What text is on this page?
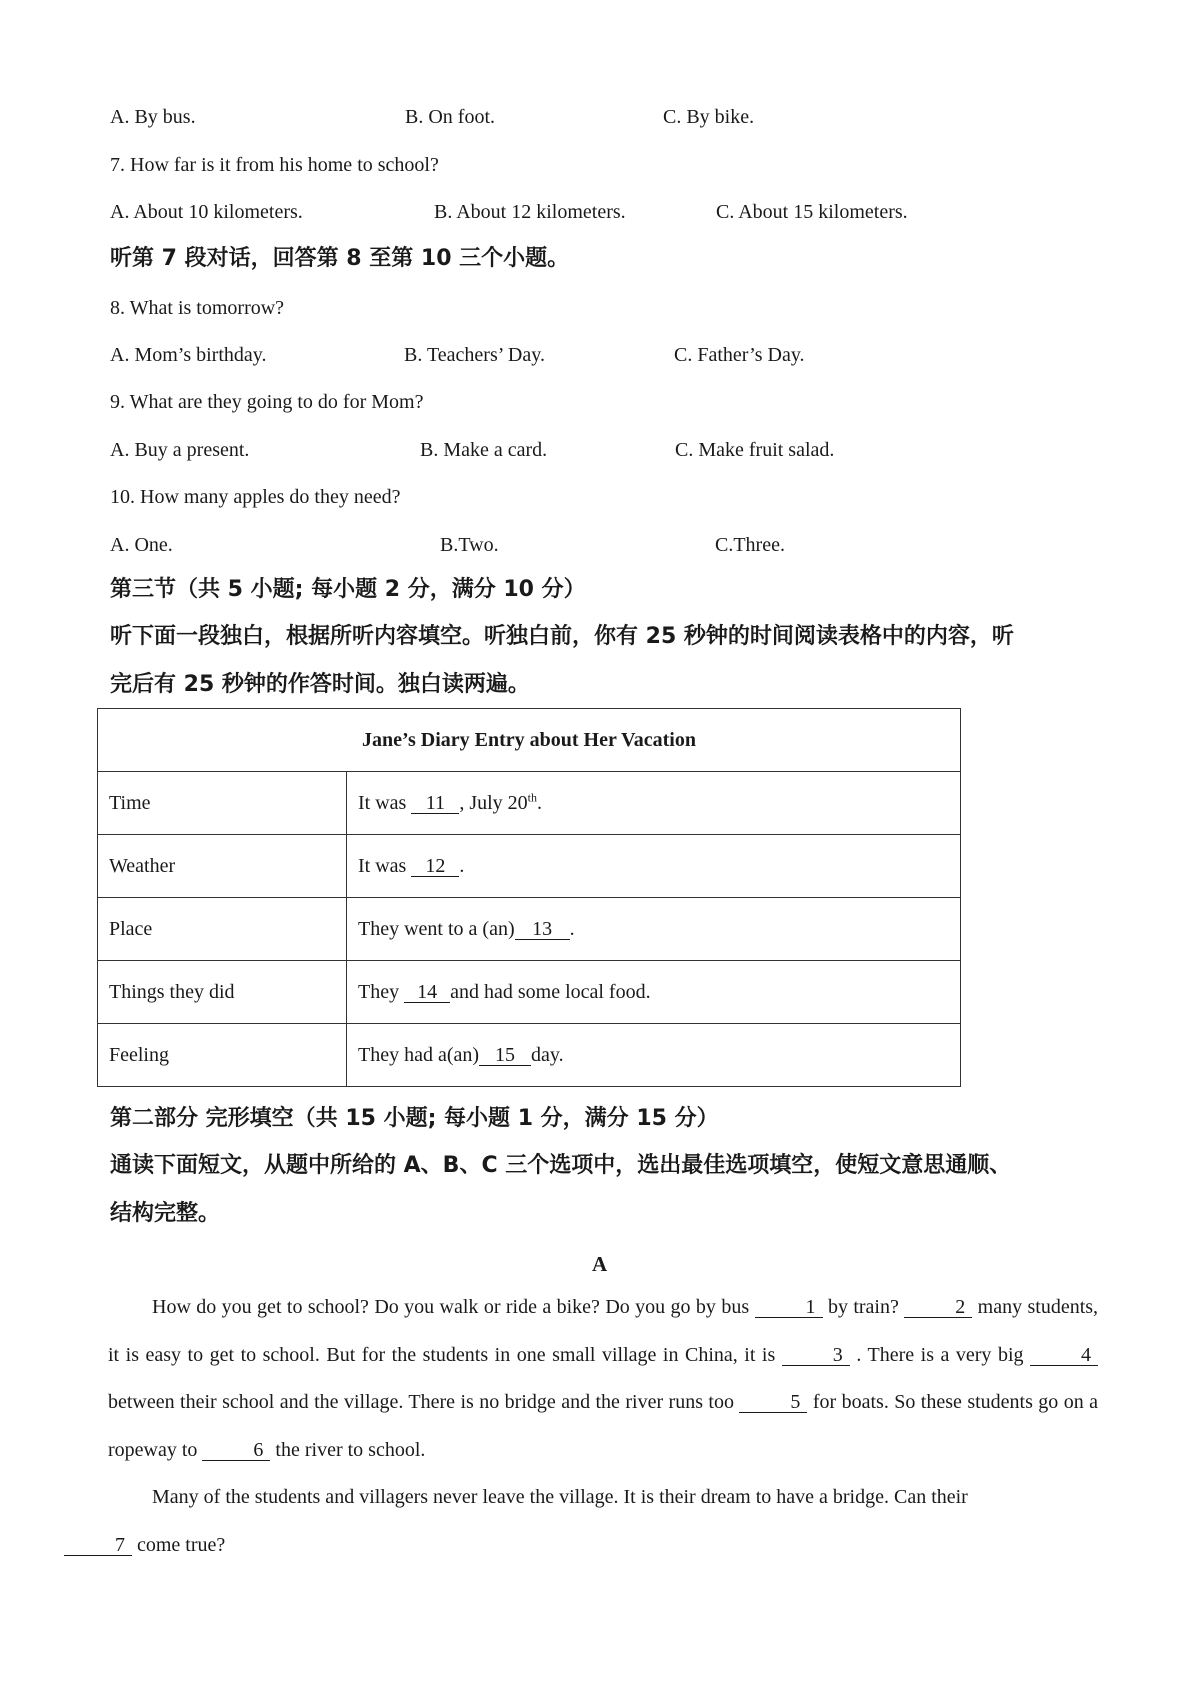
A. By bus.	B. On foot.	C. By bike.
7. How far is it from his home to school?
A. About 10 kilometers.	B. About 12 kilometers.	C. About 15 kilometers.
听第 7 段对话，回答第 8 至第 10 三个小题。
8. What is tomorrow?
A. Mom’s birthday.	B. Teachers’ Day.	C. Father’s Day.
9. What are they going to do for Mom?
A. Buy a present.	B. Make a card.	C. Make fruit salad.
10. How many apples do they need?
A. One.	B.Two.	C.Three.
第三节（共 5 小题; 每小题 2 分，满分 10 分）
听下面一段独白，根据所听内容填空。听独白前，你有 25 秒钟的时间阅读表格中的内容，听
完后有 25 秒钟的作答时间。独白读两遍。
Jane’s Diary Entry about Her Vacation	
Time	It was 11 , July 20th.
Weather	It was 12 .
Place	They went to a (an) 13 .
Things they did	They 14 and had some local food.
Feeling	They had a(an) 15 day.
第二部分 完形填空（共 15 小题; 每小题 1 分，满分 15 分）
通读下面短文，从题中所给的 A、B、C 三个选项中，选出最佳选项填空，使短文意思通顺、
结构完整。
A
How do you get to school? Do you walk or ride a bike? Do you go by bus	1 by train?	2 many students, it is easy to get to school. But for the students in one small village in China, it is	3 . There is a very big	4 between their school and the village. There is no bridge and the river runs too	5 for boats. So these students go on a ropeway to	6 the river to school.
Many of the students and villagers never leave the village. It is their dream to have a bridge. Can their
7 come true?
